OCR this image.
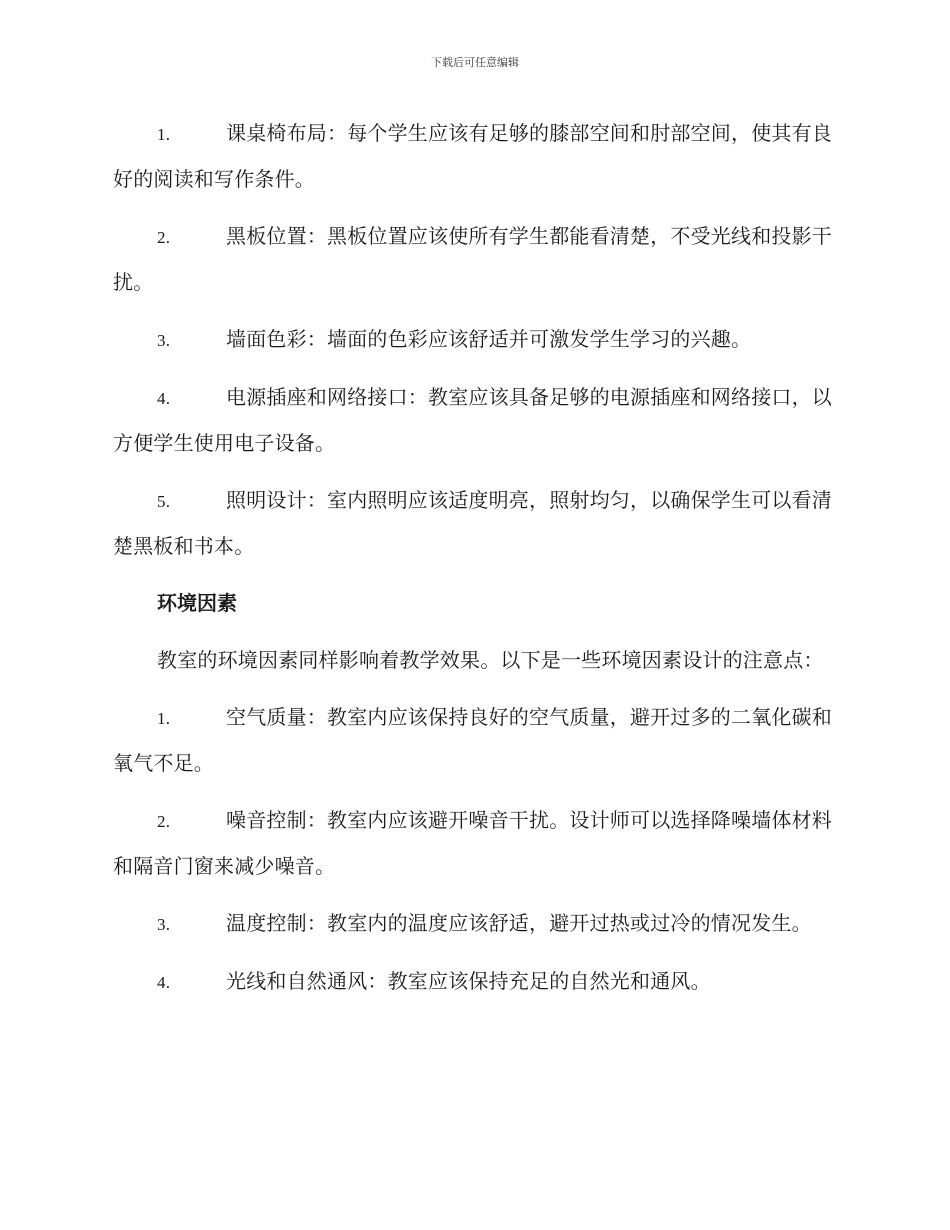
下载后可任意编辑

1.	课桌椅布局：每个学生应该有足够的膝部空间和肘部空间，使其有良好的阅读和写作条件。

2.	黑板位置：黑板位置应该使所有学生都能看清楚，不受光线和投影干扰。

3.	墙面色彩：墙面的色彩应该舒适并可激发学生学习的兴趣。

4.	电源插座和网络接口：教室应该具备足够的电源插座和网络接口，以方便学生使用电子设备。

5.	照明设计：室内照明应该适度明亮，照射均匀，以确保学生可以看清楚黑板和书本。

环境因素

教室的环境因素同样影响着教学效果。以下是一些环境因素设计的注意点：

1.	空气质量：教室内应该保持良好的空气质量，避开过多的二氧化碳和氧气不足。

2.	噪音控制：教室内应该避开噪音干扰。设计师可以选择降噪墙体材料和隔音门窗来减少噪音。

3.	温度控制：教室内的温度应该舒适，避开过热或过冷的情况发生。

4.	光线和自然通风：教室应该保持充足的自然光和通风。
